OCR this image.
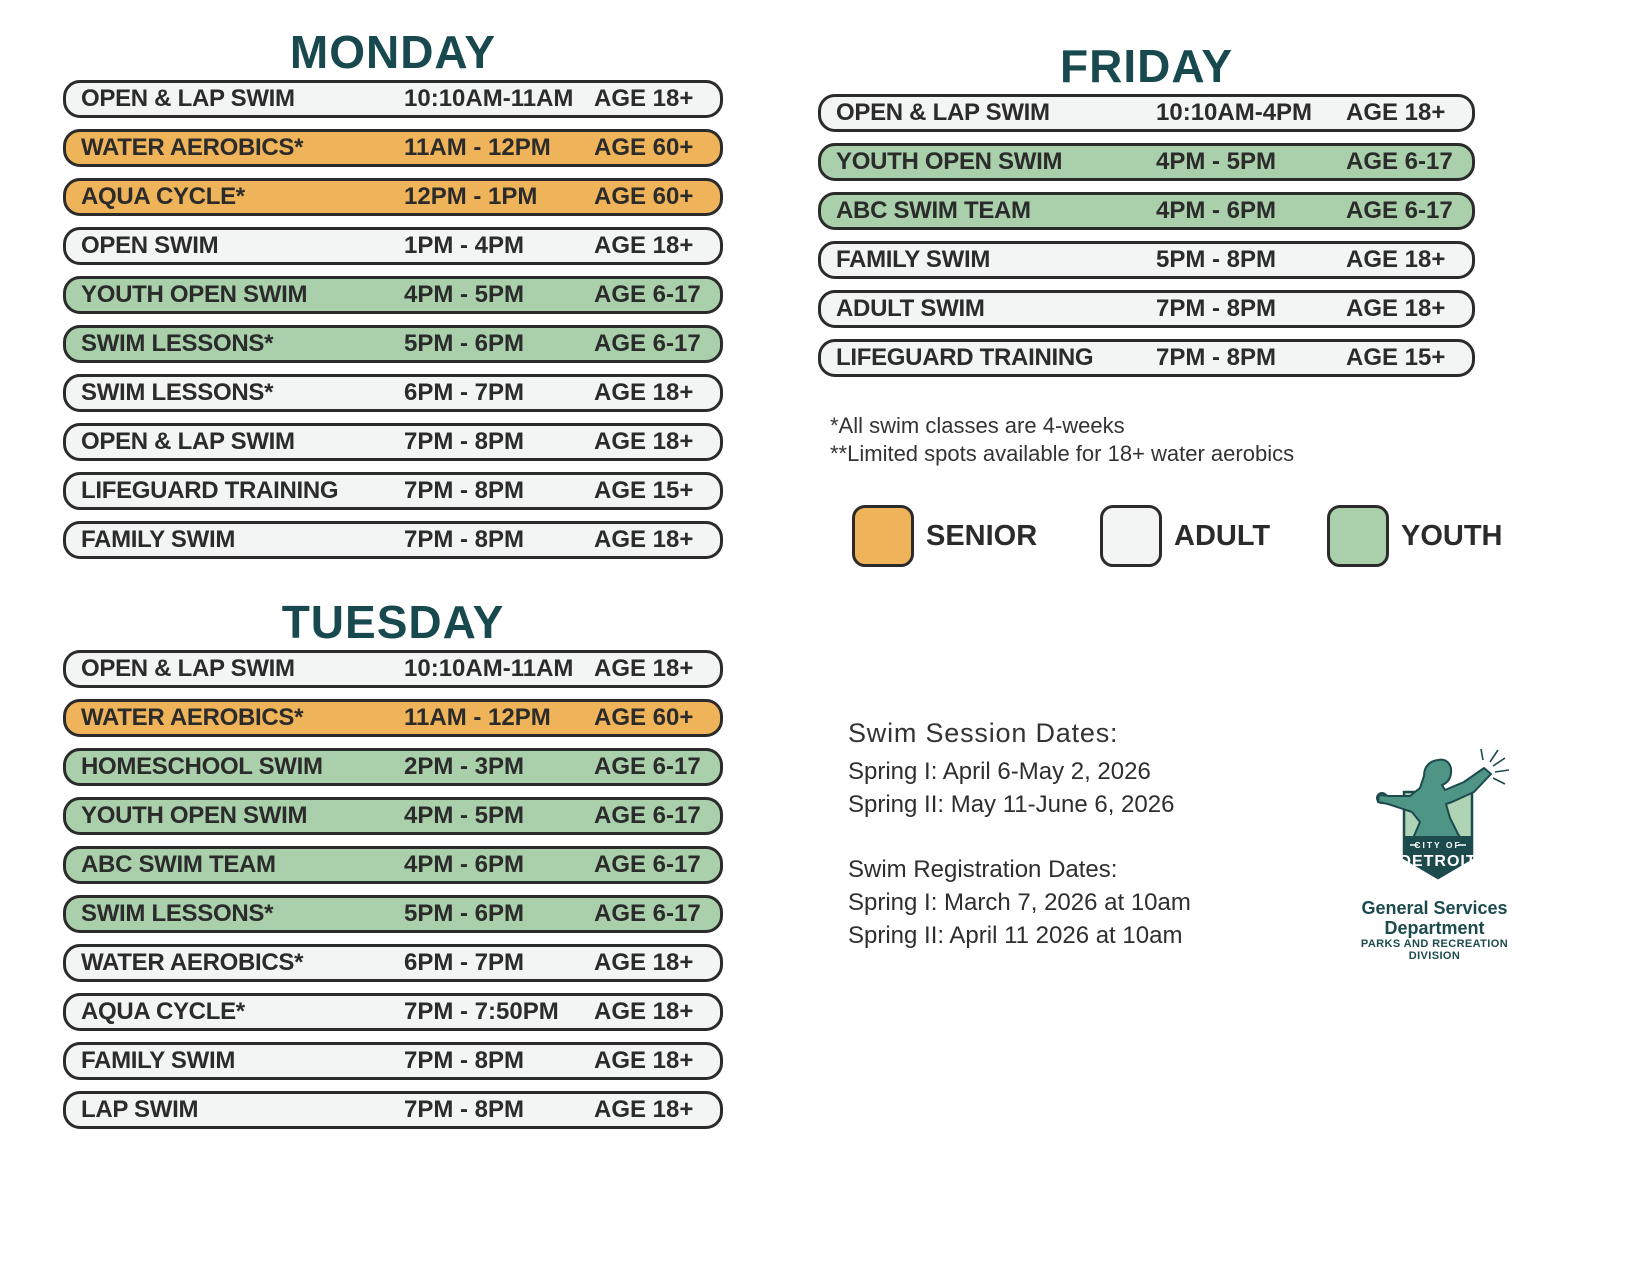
MONDAY
OPEN & LAP SWIM	10:10AM-11AM AGE 18+
WATER AEROBICS*	11AM - 12PM	AGE 60+
AQUA CYCLE*	12PM - 1PM	AGE 60+
OPEN SWIM	1PM - 4PM	AGE 18+
YOUTH OPEN SWIM	4PM - 5PM	AGE 6-17
SWIM LESSONS*	5PM - 6PM	AGE 6-17
SWIM LESSONS*	6PM - 7PM	AGE 18+
OPEN & LAP SWIM	7PM - 8PM	AGE 18+
LIFEGUARD TRAINING	7PM - 8PM	AGE 15+
FAMILY SWIM	7PM - 8PM	AGE 18+
TUESDAY
OPEN & LAP SWIM	10:10AM-11AM AGE 18+
WATER AEROBICS*	11AM - 12PM	AGE 60+
HOMESCHOOL SWIM	2PM - 3PM	AGE 6-17
YOUTH OPEN SWIM	4PM - 5PM	AGE 6-17
ABC SWIM TEAM	4PM - 6PM	AGE 6-17
SWIM LESSONS*	5PM - 6PM	AGE 6-17
WATER AEROBICS*	6PM - 7PM	AGE 18+
AQUA CYCLE*	7PM - 7:50PM	AGE 18+
FAMILY SWIM	7PM - 8PM	AGE 18+
LAP SWIM	7PM - 8PM	AGE 18+
FRIDAY
OPEN & LAP SWIM	10:10AM-4PM	AGE 18+
YOUTH OPEN SWIM	4PM - 5PM	AGE 6-17
ABC SWIM TEAM	4PM - 6PM	AGE 6-17
FAMILY SWIM	5PM - 8PM	AGE 18+
ADULT SWIM	7PM - 8PM	AGE 18+
LIFEGUARD TRAINING	7PM - 8PM	AGE 15+
*All swim classes are 4-weeks
**Limited spots available for 18+ water aerobics
SENIOR	ADULT	YOUTH
Swim Session Dates:
Spring I: April 6-May 2, 2026
Spring II: May 11-June 6, 2026
Swim Registration Dates:
Spring I: March 7, 2026 at 10am
Spring II: April 11 2026 at 10am
CITY OF
DETROIT
General Services
Department
PARKS AND RECREATION
DIVISION
